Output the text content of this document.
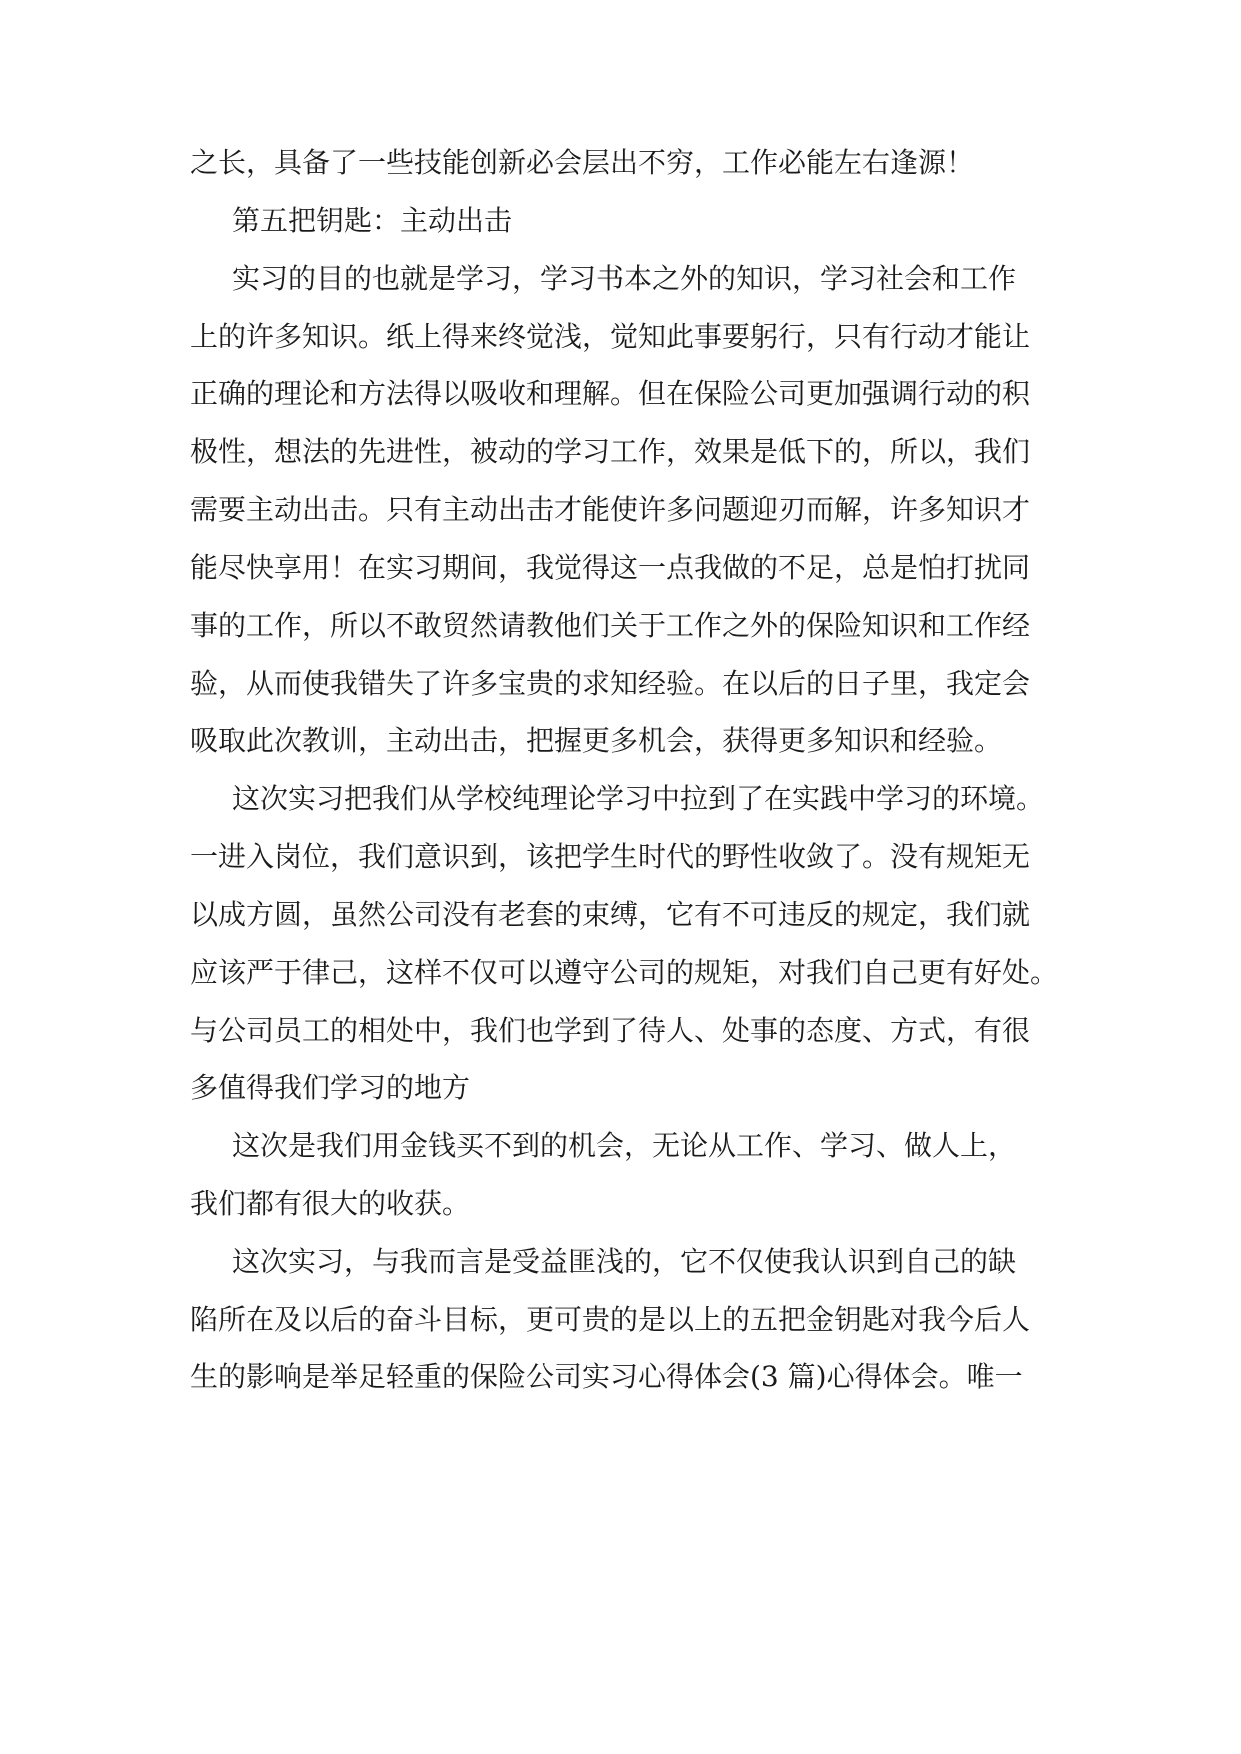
之长，具备了一些技能创新必会层出不穷，工作必能左右逢源！
第五把钥匙：主动出击
实习的目的也就是学习，学习书本之外的知识，学习社会和工作
上的许多知识。纸上得来终觉浅，觉知此事要躬行，只有行动才能让
正确的理论和方法得以吸收和理解。但在保险公司更加强调行动的积
极性，想法的先进性，被动的学习工作，效果是低下的，所以，我们
需要主动出击。只有主动出击才能使许多问题迎刃而解，许多知识才
能尽快享用！在实习期间，我觉得这一点我做的不足，总是怕打扰同
事的工作，所以不敢贸然请教他们关于工作之外的保险知识和工作经
验，从而使我错失了许多宝贵的求知经验。在以后的日子里，我定会
吸取此次教训，主动出击，把握更多机会，获得更多知识和经验。
这次实习把我们从学校纯理论学习中拉到了在实践中学习的环境。
一进入岗位，我们意识到，该把学生时代的野性收敛了。没有规矩无
以成方圆，虽然公司没有老套的束缚，它有不可违反的规定，我们就
应该严于律己，这样不仅可以遵守公司的规矩，对我们自己更有好处。
与公司员工的相处中，我们也学到了待人、处事的态度、方式，有很
多值得我们学习的地方
这次是我们用金钱买不到的机会，无论从工作、学习、做人上，
我们都有很大的收获。
这次实习，与我而言是受益匪浅的，它不仅使我认识到自己的缺
陷所在及以后的奋斗目标，更可贵的是以上的五把金钥匙对我今后人
生的影响是举足轻重的保险公司实习心得体会(3 篇)心得体会。唯一
